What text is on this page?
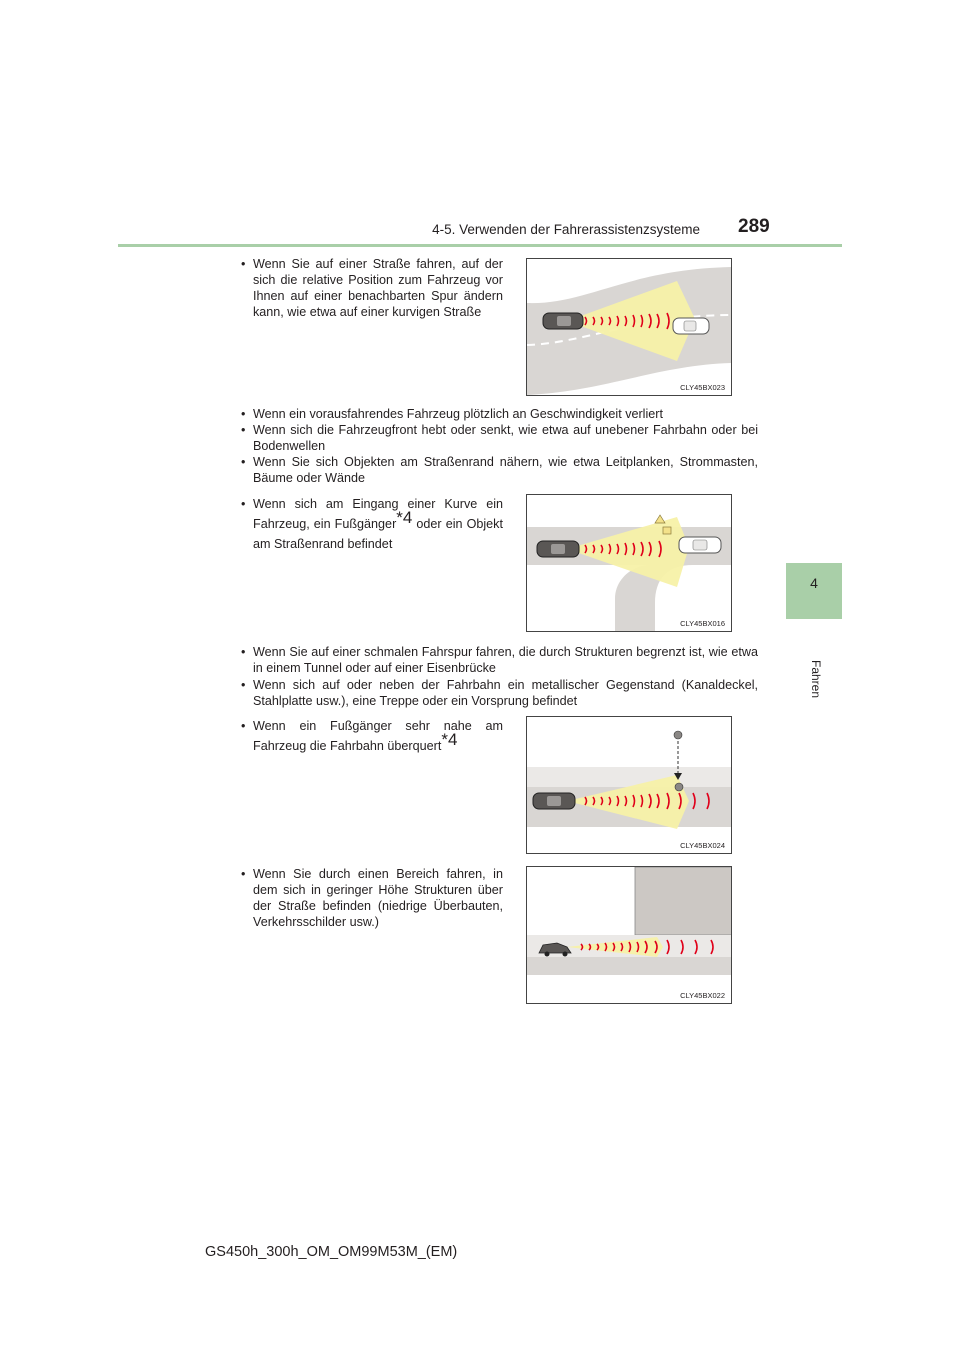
4-5. Verwenden der Fahrerassistenzsysteme 289
4
Fahren
• Wenn Sie auf einer Straße fahren, auf der sich die relative Position zum Fahrzeug vor Ihnen auf einer benachbarten Spur ändern kann, wie etwa auf einer kurvigen Straße
CLY45BX023
• Wenn ein vorausfahrendes Fahrzeug plötzlich an Geschwindigkeit verliert
• Wenn sich die Fahrzeugfront hebt oder senkt, wie etwa auf unebener Fahrbahn oder bei Bodenwellen
• Wenn Sie sich Objekten am Straßenrand nähern, wie etwa Leitplanken, Strommasten, Bäume oder Wände
• Wenn sich am Eingang einer Kurve ein Fahrzeug, ein Fußgänger*4 oder ein Objekt am Straßenrand befindet
CLY45BX016
• Wenn Sie auf einer schmalen Fahrspur fahren, die durch Strukturen begrenzt ist, wie etwa in einem Tunnel oder auf einer Eisenbrücke
• Wenn sich auf oder neben der Fahrbahn ein metallischer Gegenstand (Kanaldeckel, Stahlplatte usw.), eine Treppe oder ein Vorsprung befindet
• Wenn ein Fußgänger sehr nahe am Fahrzeug die Fahrbahn überquert*4
CLY45BX024
• Wenn Sie durch einen Bereich fahren, in dem sich in geringer Höhe Strukturen über der Straße befinden (niedrige Überbauten, Verkehrsschilder usw.)
CLY45BX022
GS450h_300h_OM_OM99M53M_(EM)
